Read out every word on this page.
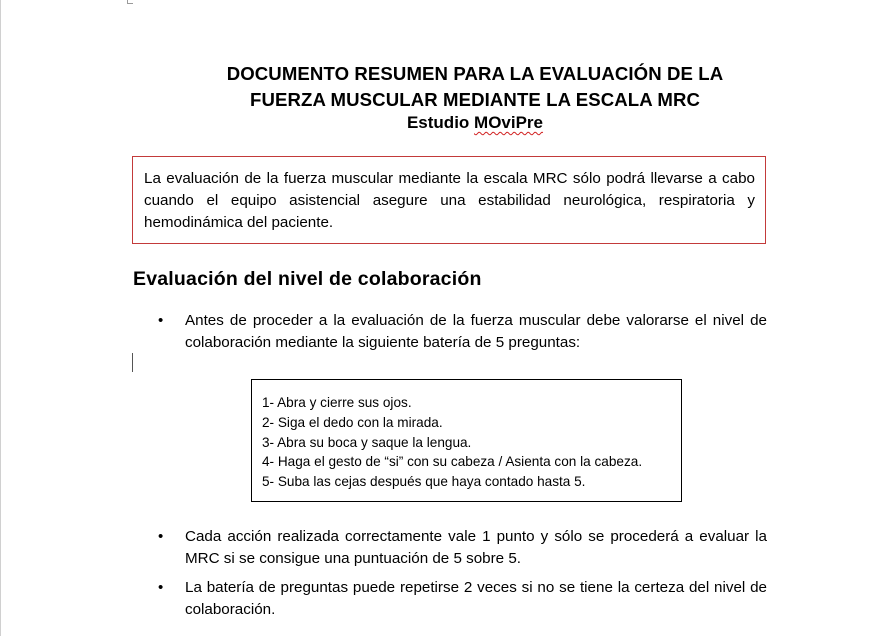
DOCUMENTO RESUMEN PARA LA EVALUACIÓN DE LA
FUERZA MUSCULAR MEDIANTE LA ESCALA MRC
Estudio MOviPre
La evaluación de la fuerza muscular mediante la escala MRC sólo podrá llevarse a cabo cuando el equipo asistencial asegure una estabilidad neurológica, respiratoria y hemodinámica del paciente.
Evaluación del nivel de colaboración
• Antes de proceder a la evaluación de la fuerza muscular debe valorarse el nivel de colaboración mediante la siguiente batería de 5 preguntas:
1- Abra y cierre sus ojos.
2- Siga el dedo con la mirada.
3- Abra su boca y saque la lengua.
4- Haga el gesto de “si” con su cabeza / Asienta con la cabeza.
5- Suba las cejas después que haya contado hasta 5.
• Cada acción realizada correctamente vale 1 punto y sólo se procederá a evaluar la MRC si se consigue una puntuación de 5 sobre 5.
• La batería de preguntas puede repetirse 2 veces si no se tiene la certeza del nivel de colaboración.
